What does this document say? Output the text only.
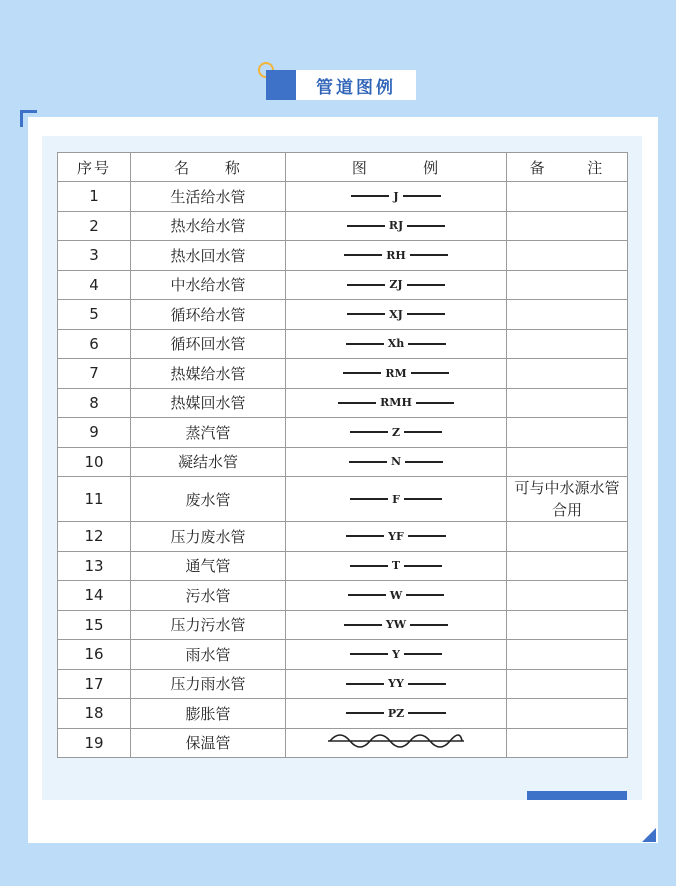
管道图例
序号	名 称	图 例	备 注
1	生活给水管	J	

2	热水给水管	RJ	

3	热水回水管	RH	

4	中水给水管	ZJ	

5	循环给水管	XJ	

6	循环回水管	Xh	

7	热媒给水管	RM	

8	热媒回水管	RMH	

9	蒸汽管	Z	

10	凝结水管	N	

11	废水管	F	可与中水源水管合用
12	压力废水管	YF	

13	通气管	T	

14	污水管	W	

15	压力污水管	YW	

16	雨水管	Y	

17	压力雨水管	YY	

18	膨胀管	PZ	

19	保温管		
